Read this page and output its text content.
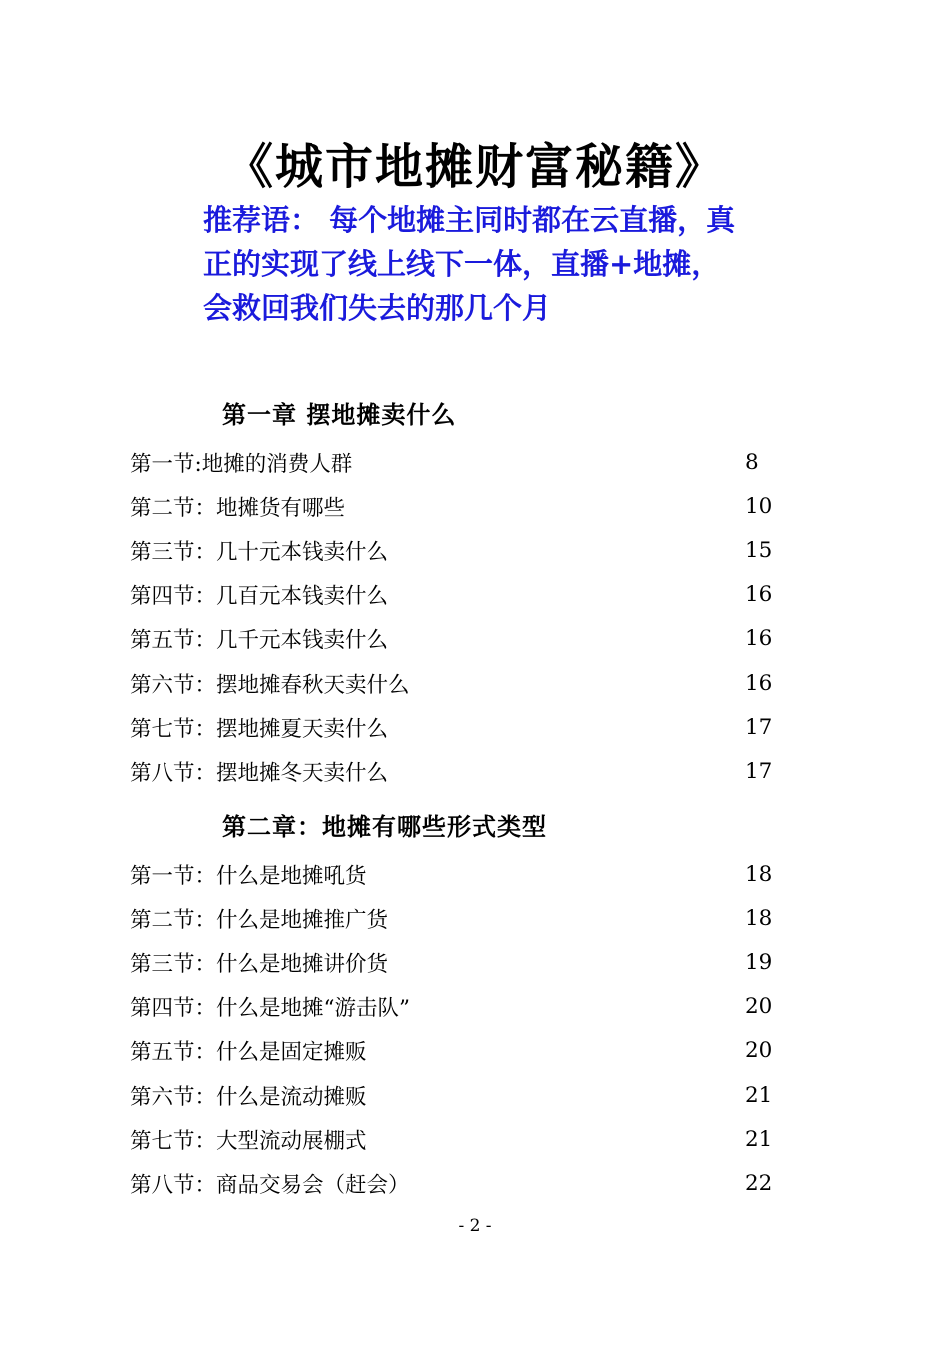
《城市地摊财富秘籍》
推荐语： 每个地摊主同时都在云直播，真
正的实现了线上线下一体，直播+地摊，
会救回我们失去的那几个月
第一章 摆地摊卖什么
第一节:地摊的消费人群	8
第二节：地摊货有哪些	10
第三节：几十元本钱卖什么	15
第四节：几百元本钱卖什么	16
第五节：几千元本钱卖什么	16
第六节：摆地摊春秋天卖什么	16
第七节：摆地摊夏天卖什么	17
第八节：摆地摊冬天卖什么	17
第二章：地摊有哪些形式类型
第一节：什么是地摊吼货	18
第二节：什么是地摊推广货	18
第三节：什么是地摊讲价货	19
第四节：什么是地摊“游击队”	20
第五节：什么是固定摊贩	20
第六节：什么是流动摊贩	21
第七节：大型流动展棚式	21
第八节：商品交易会（赶会）	22
- 2 -
